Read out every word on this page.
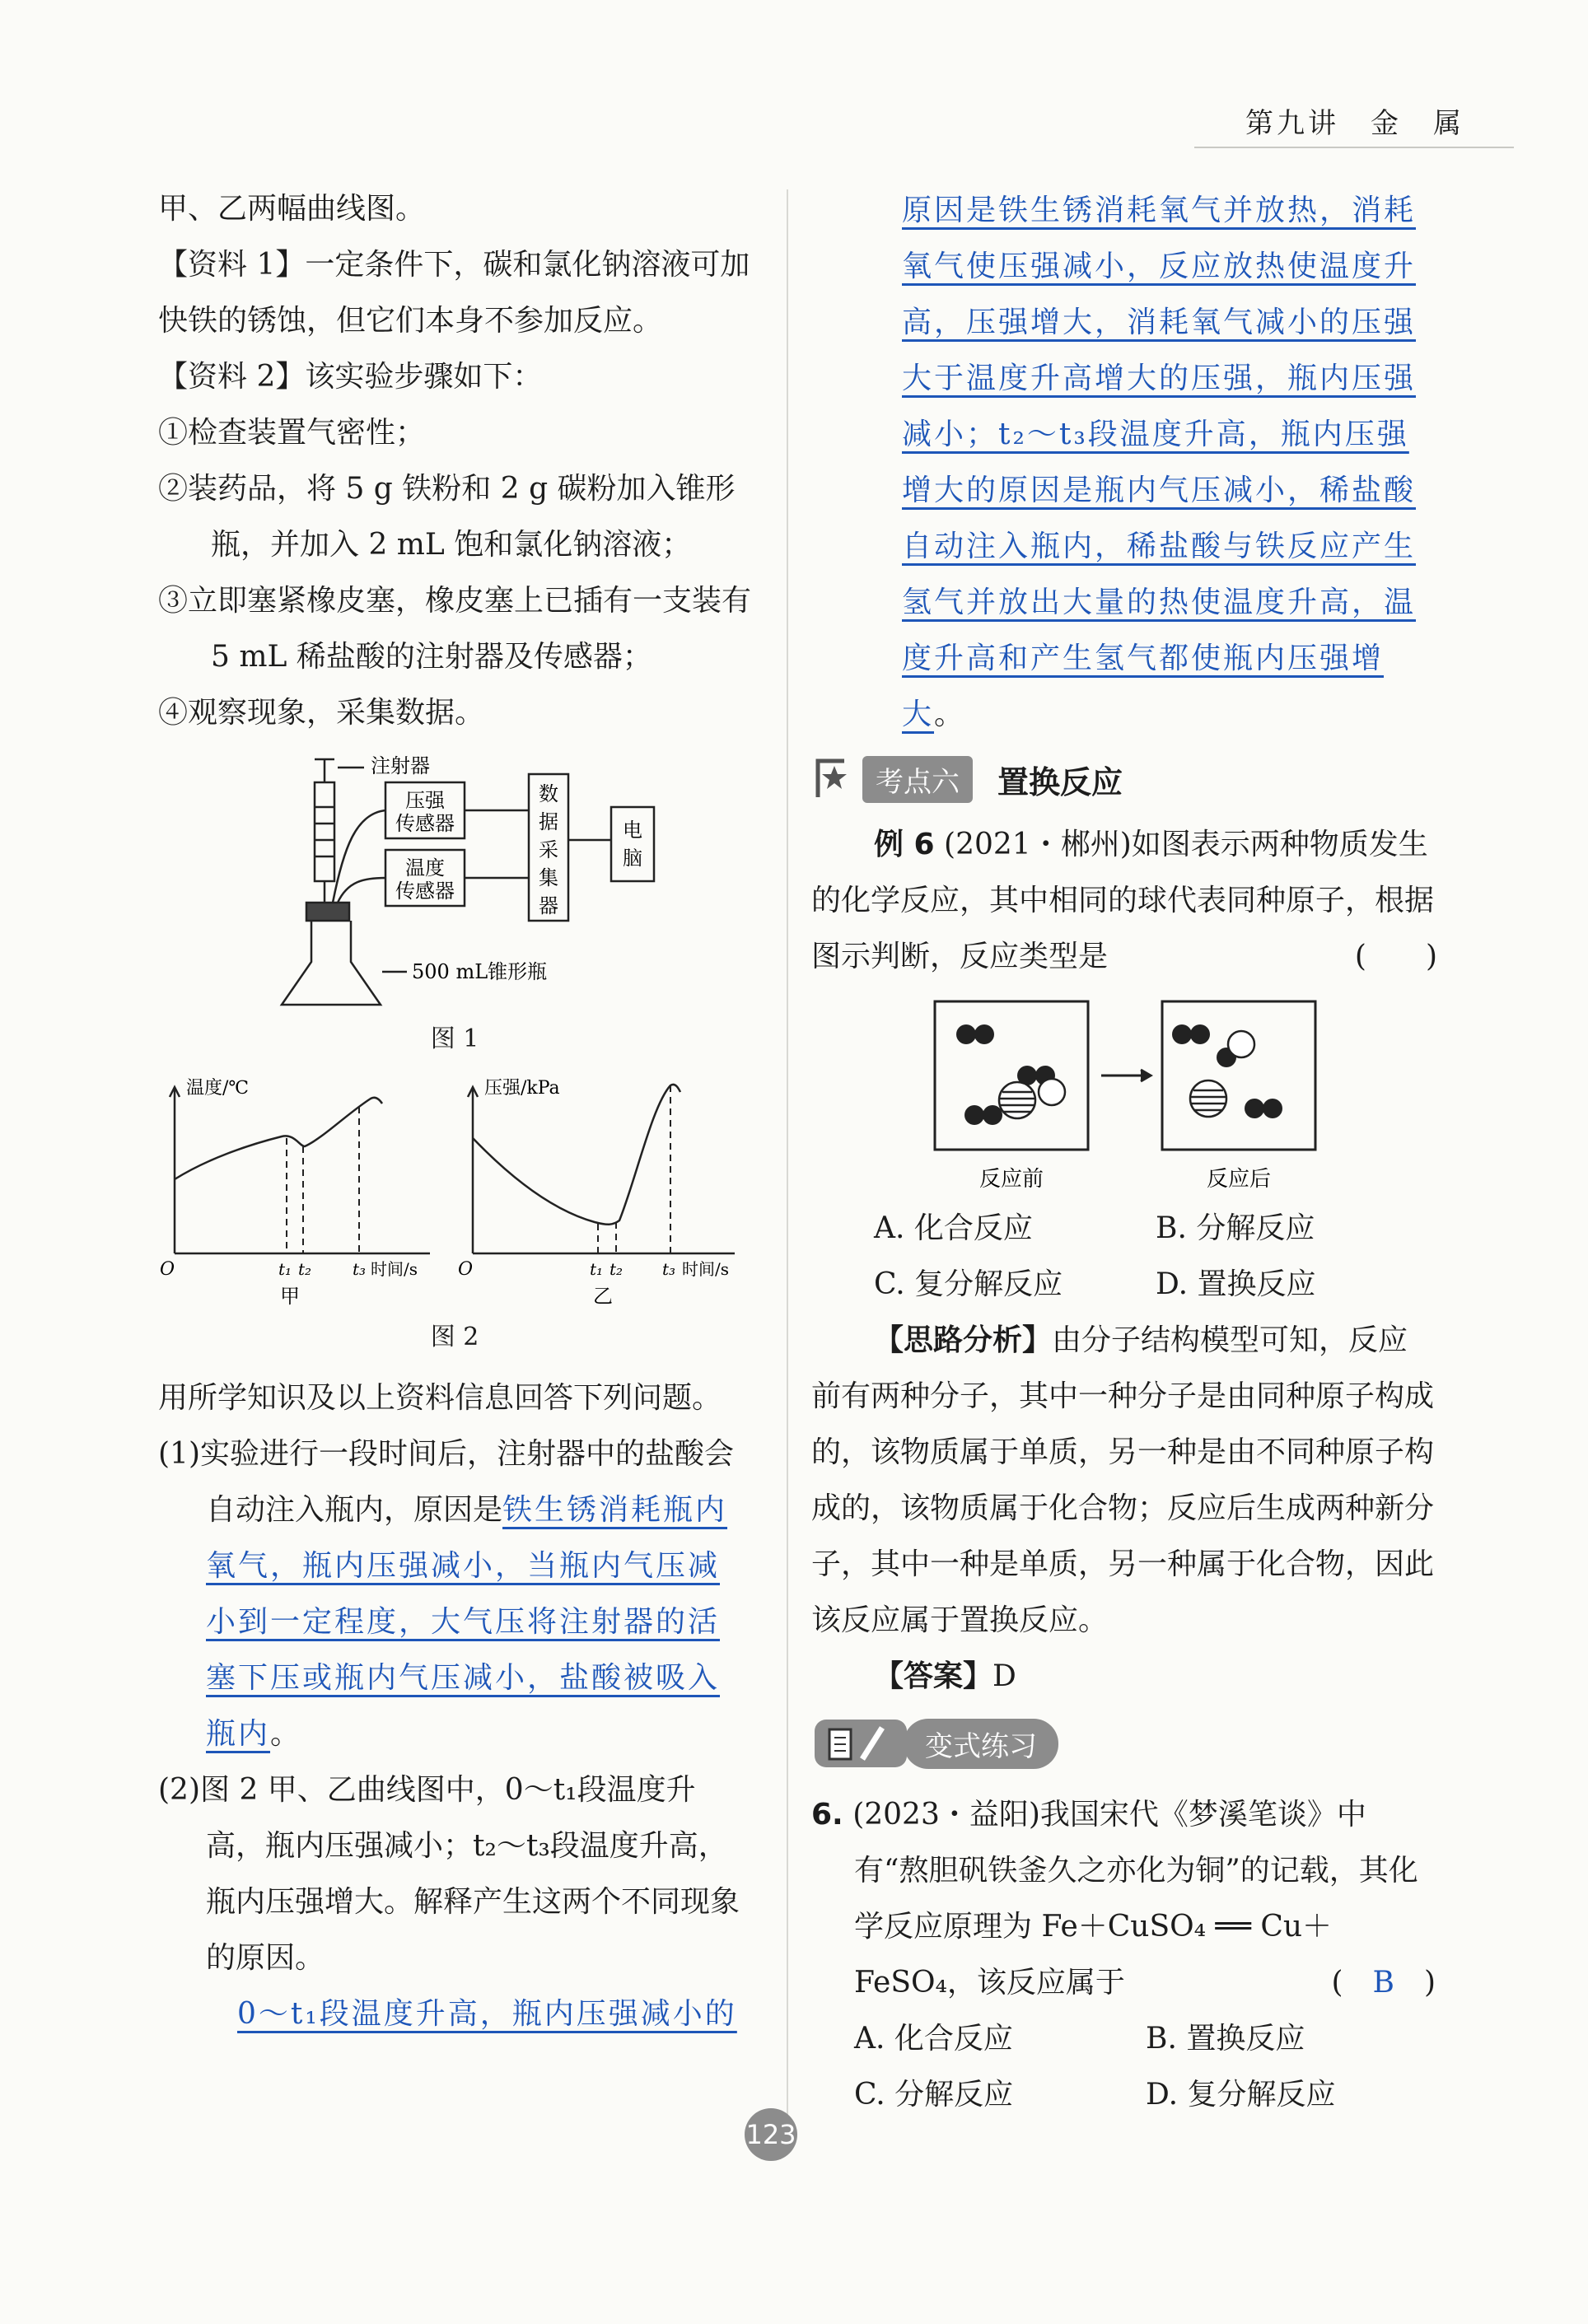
第九讲　金　属

甲、乙两幅曲线图。

【资料 1】一定条件下，碳和氯化钠溶液可加快铁的锈蚀，但它们本身不参加反应。

【资料 2】该实验步骤如下：

①检查装置气密性；

②装药品，将 5 g 铁粉和 2 g 碳粉加入锥形瓶，并加入 2 mL 饱和氯化钠溶液；

③立即塞紧橡皮塞，橡皮塞上已插有一支装有 5 mL 稀盐酸的注射器及传感器；

④观察现象，采集数据。

注射器
压强
传感器
温度
传感器
数
据
采
集
器
电
脑
500 mL锥形瓶
图 1
温度/℃	压强/kPa
O	O
t₁ t₂ t₃ 时间/s	t₁ t₂ t₃ 时间/s
甲	乙
图 2

用所学知识及以上资料信息回答下列问题。

(1)实验进行一段时间后，注射器中的盐酸会自动注入瓶内，原因是铁生锈消耗瓶内氧气，瓶内压强减小，当瓶内气压减小到一定程度，大气压将注射器的活塞下压或瓶内气压减小，盐酸被吸入瓶内。

(2)图 2 甲、乙曲线图中，0～t₁段温度升高，瓶内压强减小；t₂～t₃段温度升高，瓶内压强增大。解释产生这两个不同现象的原因。

0～t₁段温度升高，瓶内压强减小的

原因是铁生锈消耗氧气并放热，消耗氧气使压强减小，反应放热使温度升高，压强增大，消耗氧气减小的压强大于温度升高增大的压强，瓶内压强减小；t₂～t₃段温度升高，瓶内压强增大的原因是瓶内气压减小，稀盐酸自动注入瓶内，稀盐酸与铁反应产生氢气并放出大量的热使温度升高，温度升高和产生氢气都使瓶内压强增大。

考点六	置换反应

例 6 (2021・郴州)如图表示两种物质发生的化学反应，其中相同的球代表同种原子，根据图示判断，反应类型是	(　　)

反应前	反应后
A. 化合反应	B. 分解反应
C. 复分解反应	D. 置换反应

【思路分析】由分子结构模型可知，反应前有两种分子，其中一种分子是由同种原子构成的，该物质属于单质，另一种是由不同种原子构成的，该物质属于化合物；反应后生成两种新分子，其中一种是单质，另一种属于化合物，因此该反应属于置换反应。

【答案】D

变式练习

6. (2023・益阳)我国宋代《梦溪笔谈》中有“熬胆矾铁釜久之亦化为铜”的记载，其化学反应原理为 Fe＋CuSO₄ ══ Cu＋FeSO₄，该反应属于	(　 B　 )

A. 化合反应	B. 置换反应
C. 分解反应	D. 复分解反应
123
